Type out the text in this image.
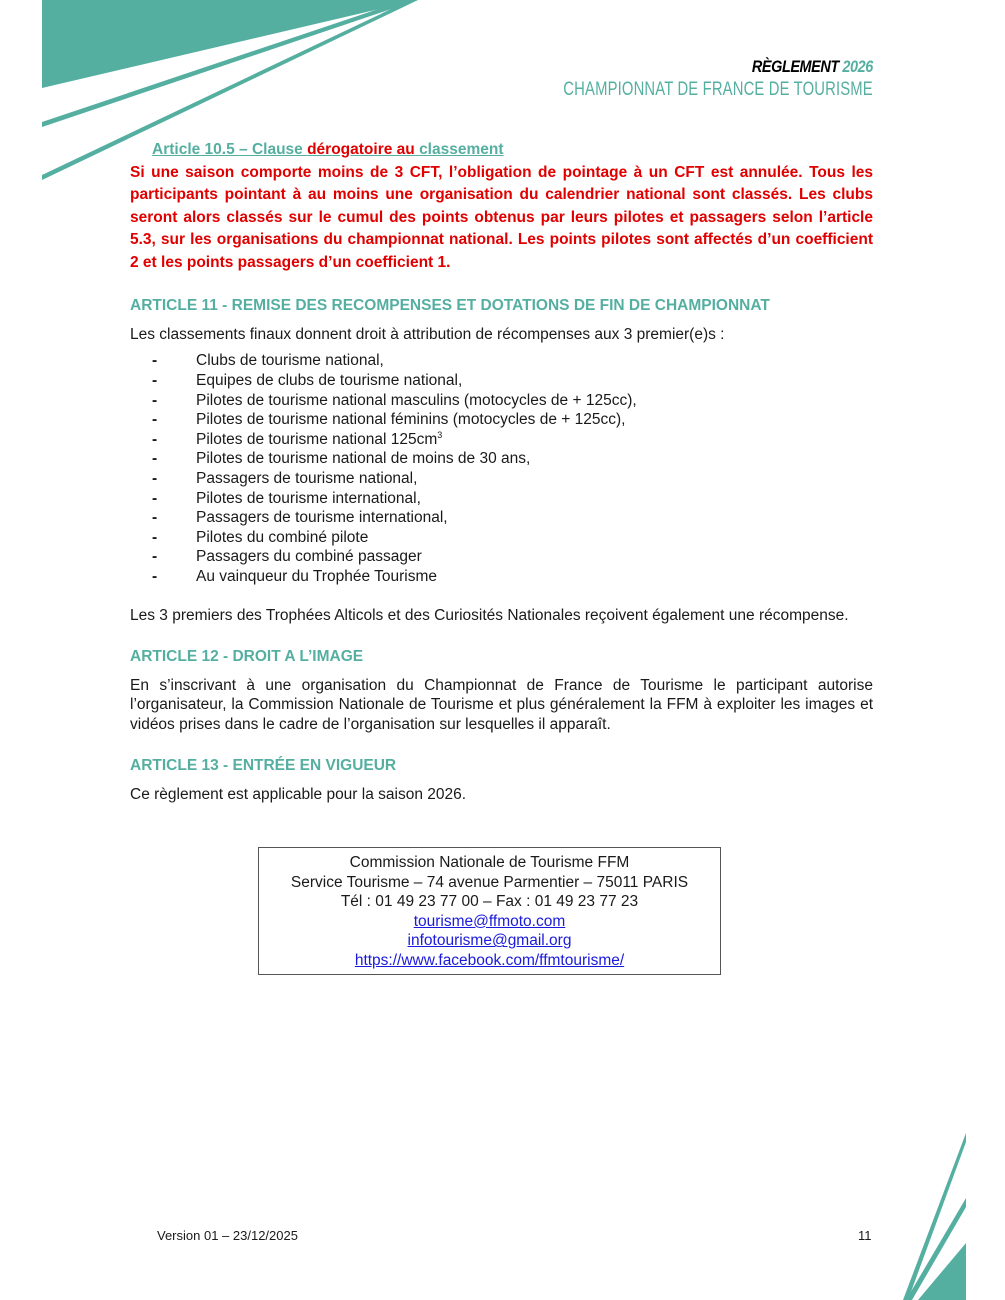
RÈGLEMENT 2026
CHAMPIONNAT DE FRANCE DE TOURISME
Article 10.5 – Clause dérogatoire au classement
Si une saison comporte moins de 3 CFT, l’obligation de pointage à un CFT est annulée. Tous les participants pointant à au moins une organisation du calendrier national sont classés. Les clubs seront alors classés sur le cumul des points obtenus par leurs pilotes et passagers selon l’article 5.3, sur les organisations du championnat national. Les points pilotes sont affectés d’un coefficient 2 et les points passagers d’un coefficient 1.
ARTICLE 11 - REMISE DES RECOMPENSES ET DOTATIONS DE FIN DE CHAMPIONNAT
Les classements finaux donnent droit à attribution de récompenses aux 3 premier(e)s :
- Clubs de tourisme national,
- Equipes de clubs de tourisme national,
- Pilotes de tourisme national masculins (motocycles de + 125cc),
- Pilotes de tourisme national féminins (motocycles de + 125cc),
- Pilotes de tourisme national $125cm^3$
- Pilotes de tourisme national de moins de 30 ans,
- Passagers de tourisme national,
- Pilotes de tourisme international,
- Passagers de tourisme international,
- Pilotes du combiné pilote
- Passagers du combiné passager
- Au vainqueur du Trophée Tourisme
Les 3 premiers des Trophées Alticols et des Curiosités Nationales reçoivent également une récompense.
ARTICLE 12 - DROIT A L’IMAGE
En s’inscrivant à une organisation du Championnat de France de Tourisme le participant autorise l’organisateur, la Commission Nationale de Tourisme et plus généralement la FFM à exploiter les images et vidéos prises dans le cadre de l’organisation sur lesquelles il apparaît.
ARTICLE 13 - ENTRÉE EN VIGUEUR
Ce règlement est applicable pour la saison 2026.
Commission Nationale de Tourisme FFM
Service Tourisme – 74 avenue Parmentier – 75011 PARIS
Tél : 01 49 23 77 00 – Fax : 01 49 23 77 23
tourisme@ffmoto.com
infotourisme@gmail.org
https://www.facebook.com/ffmtourisme/
Version 01 – 23/12/2025	11
